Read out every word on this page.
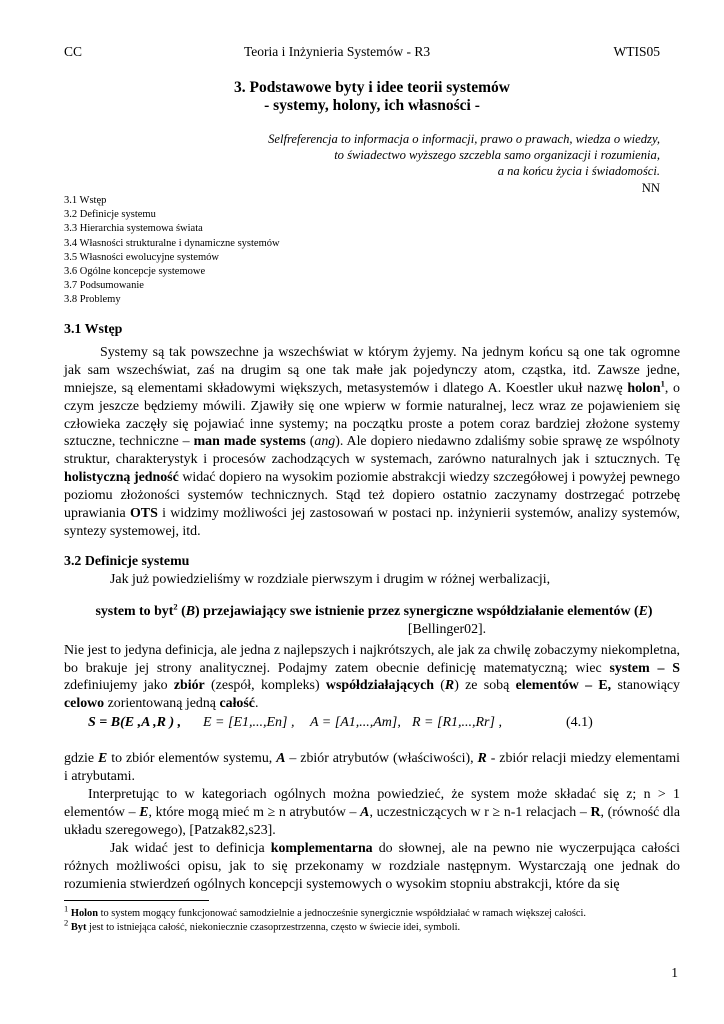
CC	Teoria i Inżynieria Systemów - R3	WTIS05
3. Podstawowe byty i idee teorii systemów
- systemy, holony, ich własności -
Selfreferencja to informacja o informacji, prawo o prawach, wiedza o wiedzy,
to świadectwo wyższego szczebla samo organizacji i rozumienia,
a na końcu życia i świadomości.
NN
3.1 Wstęp
3.2 Definicje systemu
3.3 Hierarchia systemowa świata
3.4 Własności strukturalne i dynamiczne systemów
3.5 Własności ewolucyjne systemów
3.6 Ogólne koncepcje systemowe
3.7 Podsumowanie
3.8 Problemy
3.1 Wstęp
Systemy są tak powszechne ja wszechświat w którym żyjemy. Na jednym końcu są one tak ogromne jak sam wszechświat, zaś na drugim są one tak małe jak pojedynczy atom, cząstka, itd. Zawsze jedne, mniejsze, są elementami składowymi większych, metasystemów i dlatego A. Koestler ukuł nazwę holon$^1$, o czym jeszcze będziemy mówili. Zjawiły się one wpierw w formie naturalnej, lecz wraz ze pojawieniem się człowieka zaczęły się pojawiać inne systemy; na początku proste a potem coraz bardziej złożone systemy sztuczne, techniczne – man made systems (ang). Ale dopiero niedawno zdaliśmy sobie sprawę ze wspólnoty struktur, charakterystyk i procesów zachodzących w systemach, zarówno naturalnych jak i sztucznych. Tę holistyczną jedność widać dopiero na wysokim poziomie abstrakcji wiedzy szczegółowej i powyżej pewnego poziomu złożoności systemów technicznych. Stąd też dopiero ostatnio zaczynamy dostrzegać potrzebę uprawiania OTS i widzimy możliwości jej zastosowań w postaci np. inżynierii systemów, analizy systemów, syntezy systemowej, itd.
3.2 Definicje systemu
Jak już powiedzieliśmy w rozdziale pierwszym i drugim w różnej werbalizacji,
system to byt$^2$ (B) przejawiający swe istnienie przez synergiczne współdziałanie elementów (E)
[Bellinger02].
Nie jest to jedyna definicja, ale jedna z najlepszych i najkrótszych, ale jak za chwilę zobaczymy niekompletna, bo brakuje jej strony analitycznej. Podajmy zatem obecnie definicję matematyczną; wiec system – S zdefiniujemy jako zbiór (zespół, kompleks) współdziałających (R) ze sobą elementów – E, stanowiący celowo zorientowaną jedną całość.
S = B(E ,A ,R ) , E = [E1,...,En] , A = [A1,...,Am], R = [R1,...,Rr] ,	(4.1)
gdzie E to zbiór elementów systemu, A – zbiór atrybutów (właściwości), R - zbiór relacji miedzy elementami i atrybutami.
Interpretując to w kategoriach ogólnych można powiedzieć, że system może składać się z; n > 1 elementów – E, które mogą mieć m ≥ n atrybutów – A, uczestniczących w r ≥ n-1 relacjach – R, (równość dla układu szeregowego), [Patzak82,s23].
Jak widać jest to definicja komplementarna do słownej, ale na pewno nie wyczerpująca całości różnych możliwości opisu, jak to się przekonamy w rozdziale następnym. Wystarczają one jednak do rozumienia stwierdzeń ogólnych koncepcji systemowych o wysokim stopniu abstrakcji, które da się
$^1$ Holon to system mogący funkcjonować samodzielnie a jednocześnie synergicznie współdziałać w ramach większej całości.
$^2$ Byt jest to istniejąca całość, niekoniecznie czasoprzestrzenna, często w świecie idei, symboli.
1
